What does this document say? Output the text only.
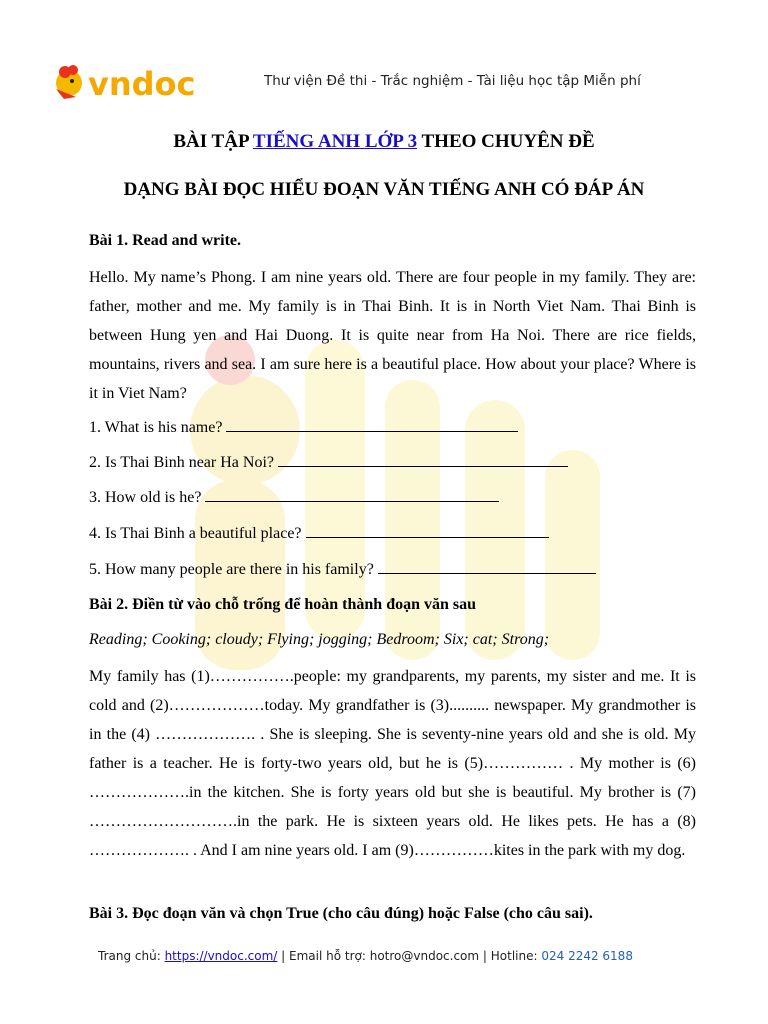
vndoc	Thư viện Đề thi - Trắc nghiệm - Tài liệu học tập Miễn phí
BÀI TẬP TIẾNG ANH LỚP 3 THEO CHUYÊN ĐỀ
DẠNG BÀI ĐỌC HIỂU ĐOẠN VĂN TIẾNG ANH CÓ ĐÁP ÁN
Bài 1. Read and write.
Hello. My name’s Phong. I am nine years old. There are four people in my family. They are: father, mother and me. My family is in Thai Binh. It is in North Viet Nam. Thai Binh is between Hung yen and Hai Duong. It is quite near from Ha Noi. There are rice fields, mountains, rivers and sea. I am sure here is a beautiful place. How about your place? Where is it in Viet Nam?
1. What is his name?
2. Is Thai Binh near Ha Noi?
3. How old is he?
4. Is Thai Binh a beautiful place?
5. How many people are there in his family?
Bài 2. Điền từ vào chỗ trống để hoàn thành đoạn văn sau
Reading; Cooking; cloudy; Flying; jogging; Bedroom; Six; cat; Strong;
My family has (1)…………….people: my grandparents, my parents, my sister and me. It is cold and (2)………………today. My grandfather is (3).......... newspaper. My grandmother is in the (4) ………………. . She is sleeping. She is seventy-nine years old and she is old. My father is a teacher. He is forty-two years old, but he is (5)…………… . My mother is (6) ……………….in the kitchen. She is forty years old but she is beautiful. My brother is (7) ……………………….in the park. He is sixteen years old. He likes pets. He has a (8) ………………. . And I am nine years old. I am (9)……………kites in the park with my dog.
Bài 3. Đọc đoạn văn và chọn True (cho câu đúng) hoặc False (cho câu sai).
Trang chủ: https://vndoc.com/ | Email hỗ trợ: hotro@vndoc.com | Hotline: 024 2242 6188
